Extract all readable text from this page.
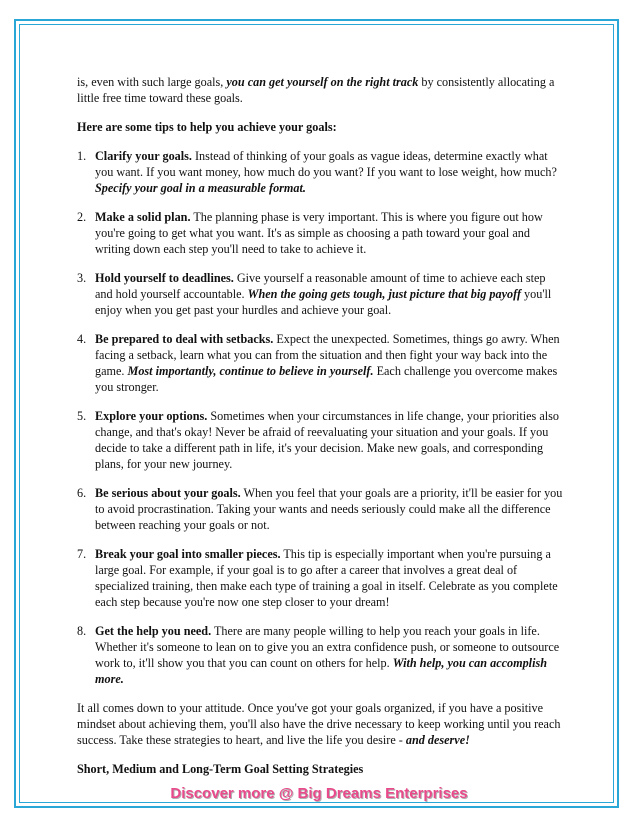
is, even with such large goals, you can get yourself on the right track by consistently allocating a little free time toward these goals.

Here are some tips to help you achieve your goals:

1. Clarify your goals. Instead of thinking of your goals as vague ideas, determine exactly what you want. If you want money, how much do you want? If you want to lose weight, how much? Specify your goal in a measurable format.
2. Make a solid plan. The planning phase is very important. This is where you figure out how you're going to get what you want. It's as simple as choosing a path toward your goal and writing down each step you'll need to take to achieve it.
3. Hold yourself to deadlines. Give yourself a reasonable amount of time to achieve each step and hold yourself accountable. When the going gets tough, just picture that big payoff you'll enjoy when you get past your hurdles and achieve your goal.
4. Be prepared to deal with setbacks. Expect the unexpected. Sometimes, things go awry. When facing a setback, learn what you can from the situation and then fight your way back into the game. Most importantly, continue to believe in yourself. Each challenge you overcome makes you stronger.
5. Explore your options. Sometimes when your circumstances in life change, your priorities also change, and that's okay! Never be afraid of reevaluating your situation and your goals. If you decide to take a different path in life, it's your decision. Make new goals, and corresponding plans, for your new journey.
6. Be serious about your goals. When you feel that your goals are a priority, it'll be easier for you to avoid procrastination. Taking your wants and needs seriously could make all the difference between reaching your goals or not.
7. Break your goal into smaller pieces. This tip is especially important when you're pursuing a large goal. For example, if your goal is to go after a career that involves a great deal of specialized training, then make each type of training a goal in itself. Celebrate as you complete each step because you're now one step closer to your dream!
8. Get the help you need. There are many people willing to help you reach your goals in life. Whether it's someone to lean on to give you an extra confidence push, or someone to outsource work to, it'll show you that you can count on others for help. With help, you can accomplish more.

It all comes down to your attitude. Once you've got your goals organized, if you have a positive mindset about achieving them, you'll also have the drive necessary to keep working until you reach success. Take these strategies to heart, and live the life you desire - and deserve!

Short, Medium and Long-Term Goal Setting Strategies

Discover more @ Big Dreams Enterprises
